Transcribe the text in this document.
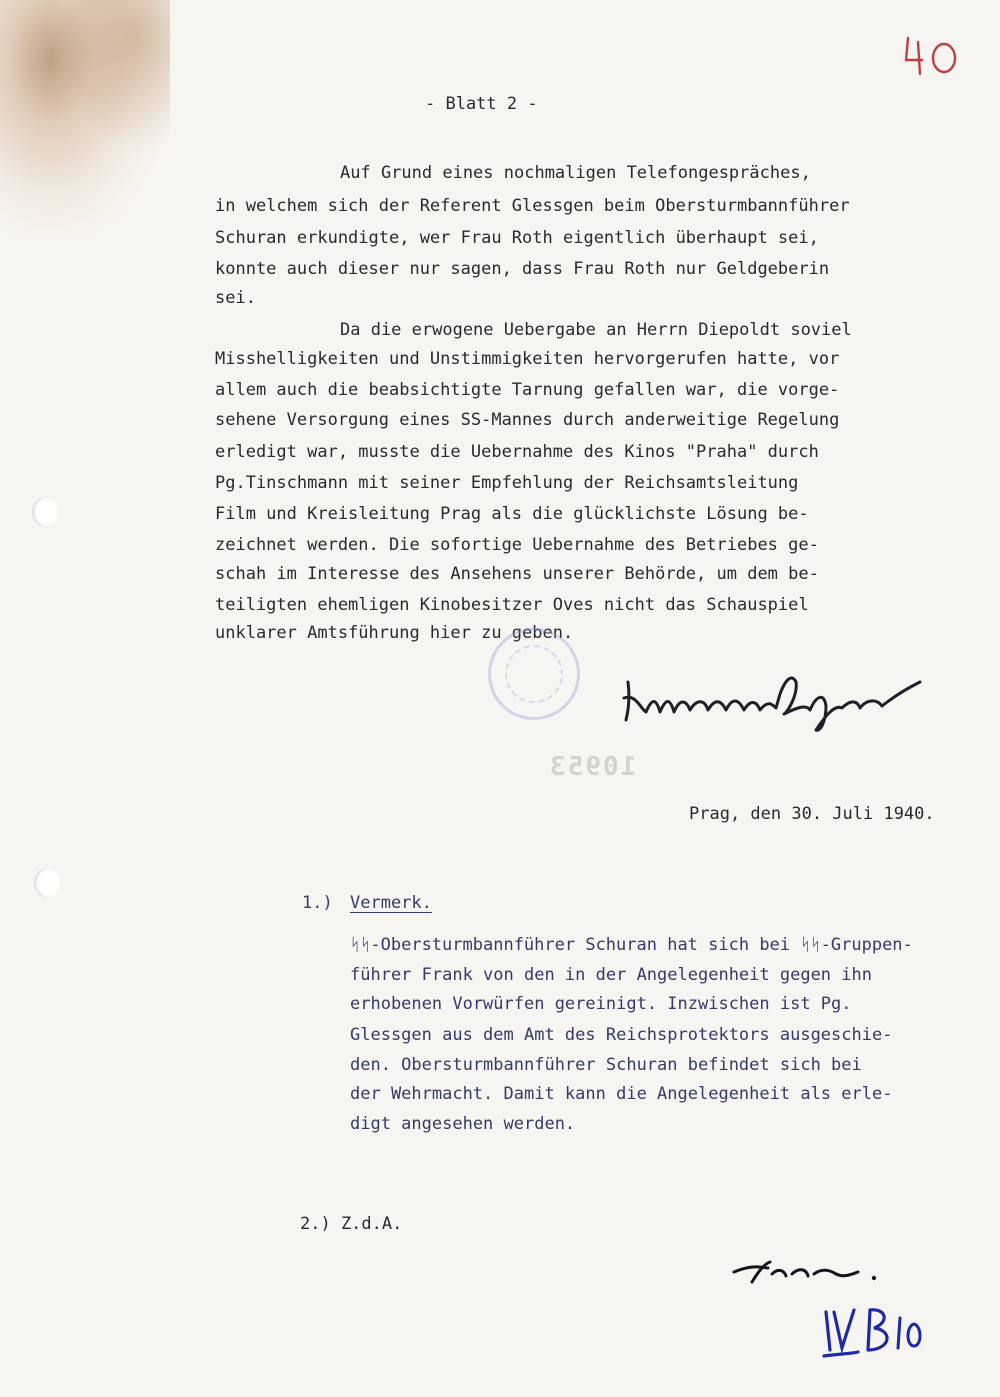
- Blatt 2 -
Auf Grund eines nochmaligen Telefongespräches,
in welchem sich der Referent Glessgen beim Obersturmbannführer
Schuran erkundigte, wer Frau Roth eigentlich überhaupt sei,
konnte auch dieser nur sagen, dass Frau Roth nur Geldgeberin
sei.
Da die erwogene Uebergabe an Herrn Diepoldt soviel
Misshelligkeiten und Unstimmigkeiten hervorgerufen hatte, vor
allem auch die beabsichtigte Tarnung gefallen war, die vorge-
sehene Versorgung eines SS-Mannes durch anderweitige Regelung
erledigt war, musste die Uebernahme des Kinos "Praha" durch
Pg.Tinschmann mit seiner Empfehlung der Reichsamtsleitung
Film und Kreisleitung Prag als die glücklichste Lösung be-
zeichnet werden. Die sofortige Uebernahme des Betriebes ge-
schah im Interesse des Ansehens unserer Behörde, um dem be-
teiligten ehemligen Kinobesitzer Oves nicht das Schauspiel
unklarer Amtsführung hier zu geben.
10953
Prag, den 30. Juli 1940.
1.) Vermerk.
ᛋᛋ-Obersturmbannführer Schuran hat sich bei ᛋᛋ-Gruppen-
führer Frank von den in der Angelegenheit gegen ihn
erhobenen Vorwürfen gereinigt. Inzwischen ist Pg.
Glessgen aus dem Amt des Reichsprotektors ausgeschie-
den. Obersturmbannführer Schuran befindet sich bei
der Wehrmacht. Damit kann die Angelegenheit als erle-
digt angesehen werden.
2.) Z.d.A.
